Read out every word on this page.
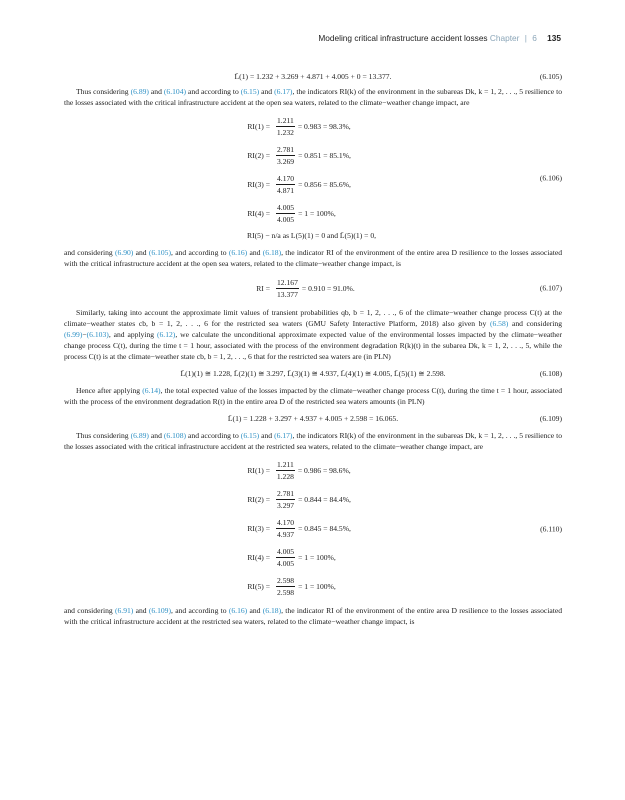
Modeling critical infrastructure accident losses Chapter | 6 135
L̄(1) = 1.232 + 3.269 + 4.871 + 4.005 + 0 = 13.377.	(6.105)

Thus considering (6.89) and (6.104) and according to (6.15) and (6.17), the indicators RI(k) of the environment in the subareas Dk, k = 1, 2, . . ., 5 resilience to the losses associated with the critical infrastructure accident at the open sea waters, related to the climate−weather change impact, are

$RI(1) = \frac{1.211}{1.232} = 0.983 = 98.3\%$,
$RI(2) = \frac{2.781}{3.269} = 0.851 = 85.1\%$,
$RI(3) = \frac{4.170}{4.871} = 0.856 = 85.6\%$,
$RI(4) = \frac{4.005}{4.005} = 1 = 100\%$,
RI(5) − n/a as L(5)(1) = 0 and L̄(5)(1) = 0,
(6.106)

and considering (6.90) and (6.105), and according to (6.16) and (6.18), the indicator RI of the environment of the entire area D resilience to the losses associated with the critical infrastructure accident at the open sea waters, related to the climate−weather change impact, is

RI = $\frac{12.167}{13.377} = 0.910 = 91.0\%$.	(6.107)

Similarly, taking into account the approximate limit values of transient probabilities qb, b = 1, 2, . . ., 6 of the climate−weather change process C(t) at the climate−weather states cb, b = 1, 2, . . ., 6 for the restricted sea waters (GMU Safety Interactive Platform, 2018) also given by (6.58) and considering (6.99)−(6.103), and applying (6.12), we calculate the unconditional approximate expected value of the environmental losses impacted by the climate−weather change process C(t), during the time t = 1 hour, associated with the process of the environment degradation R(k)(t) in the subarea Dk, k = 1, 2, . . ., 5, while the process C(t) is at the climate−weather state cb, b = 1, 2, . . ., 6 that for the restricted sea waters are (in PLN)

L̄(1)(1) ≅ 1.228, L̄(2)(1) ≅ 3.297, L̄(3)(1) ≅ 4.937, L̄(4)(1) ≅ 4.005, L̄(5)(1) ≅ 2.598.	(6.108)

Hence after applying (6.14), the total expected value of the losses impacted by the climate−weather change process C(t), during the time t = 1 hour, associated with the process of the environment degradation R(t) in the entire area D of the restricted sea waters amounts (in PLN)

L̄(1) = 1.228 + 3.297 + 4.937 + 4.005 + 2.598 = 16.065.	(6.109)

Thus considering (6.89) and (6.108) and according to (6.15) and (6.17), the indicators RI(k) of the environment in the subareas Dk, k = 1, 2, . . ., 5 resilience to the losses associated with the critical infrastructure accident at the restricted sea waters, related to the climate−weather change impact, are

$RI(1) = \frac{1.211}{1.228} = 0.986 = 98.6\%$,
$RI(2) = \frac{2.781}{3.297} = 0.844 = 84.4\%$,
$RI(3) = \frac{4.170}{4.937} = 0.845 = 84.5\%$,
$RI(4) = \frac{4.005}{4.005} = 1 = 100\%$,
$RI(5) = \frac{2.598}{2.598} = 1 = 100\%$,
(6.110)

and considering (6.91) and (6.109), and according to (6.16) and (6.18), the indicator RI of the environment of the entire area D resilience to the losses associated with the critical infrastructure accident at the restricted sea waters, related to the climate−weather change impact, is
